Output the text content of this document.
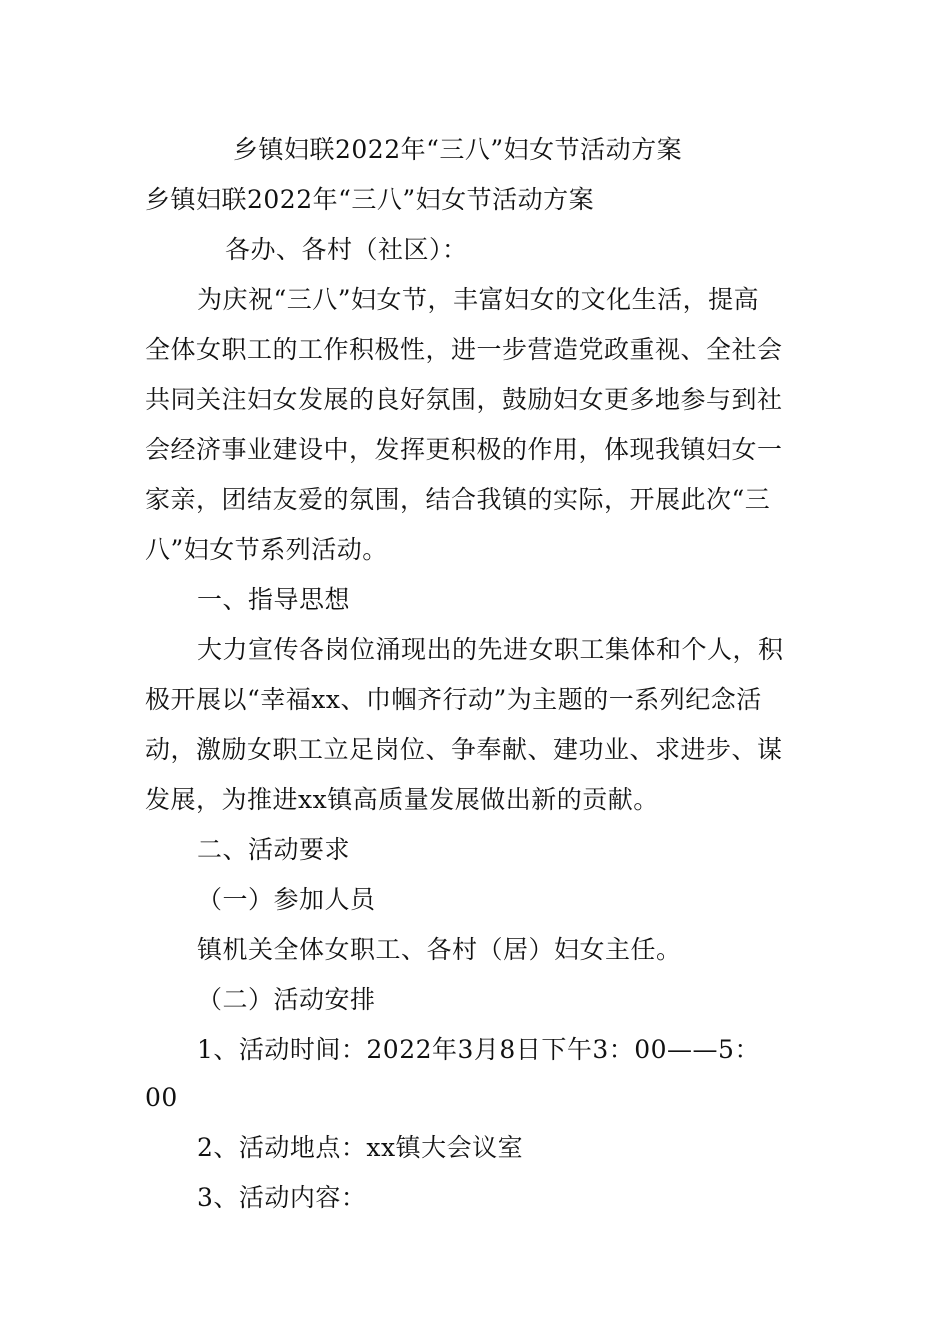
乡镇妇联2022年“三八”妇女节活动方案
乡镇妇联2022年“三八”妇女节活动方案
各办、各村（社区）：
为庆祝“三八”妇女节，丰富妇女的文化生活，提高
全体女职工的工作积极性，进一步营造党政重视、全社会
共同关注妇女发展的良好氛围，鼓励妇女更多地参与到社
会经济事业建设中，发挥更积极的作用，体现我镇妇女一
家亲，团结友爱的氛围，结合我镇的实际，开展此次“三
八”妇女节系列活动。
一、指导思想
大力宣传各岗位涌现出的先进女职工集体和个人，积
极开展以“幸福xx、巾帼齐行动”为主题的一系列纪念活
动，激励女职工立足岗位、争奉献、建功业、求进步、谋
发展，为推进xx镇高质量发展做出新的贡献。
二、活动要求
（一）参加人员
镇机关全体女职工、各村（居）妇女主任。
（二）活动安排
1、活动时间：2022年3月8日下午3：00——5：
00
2、活动地点：xx镇大会议室
3、活动内容：
